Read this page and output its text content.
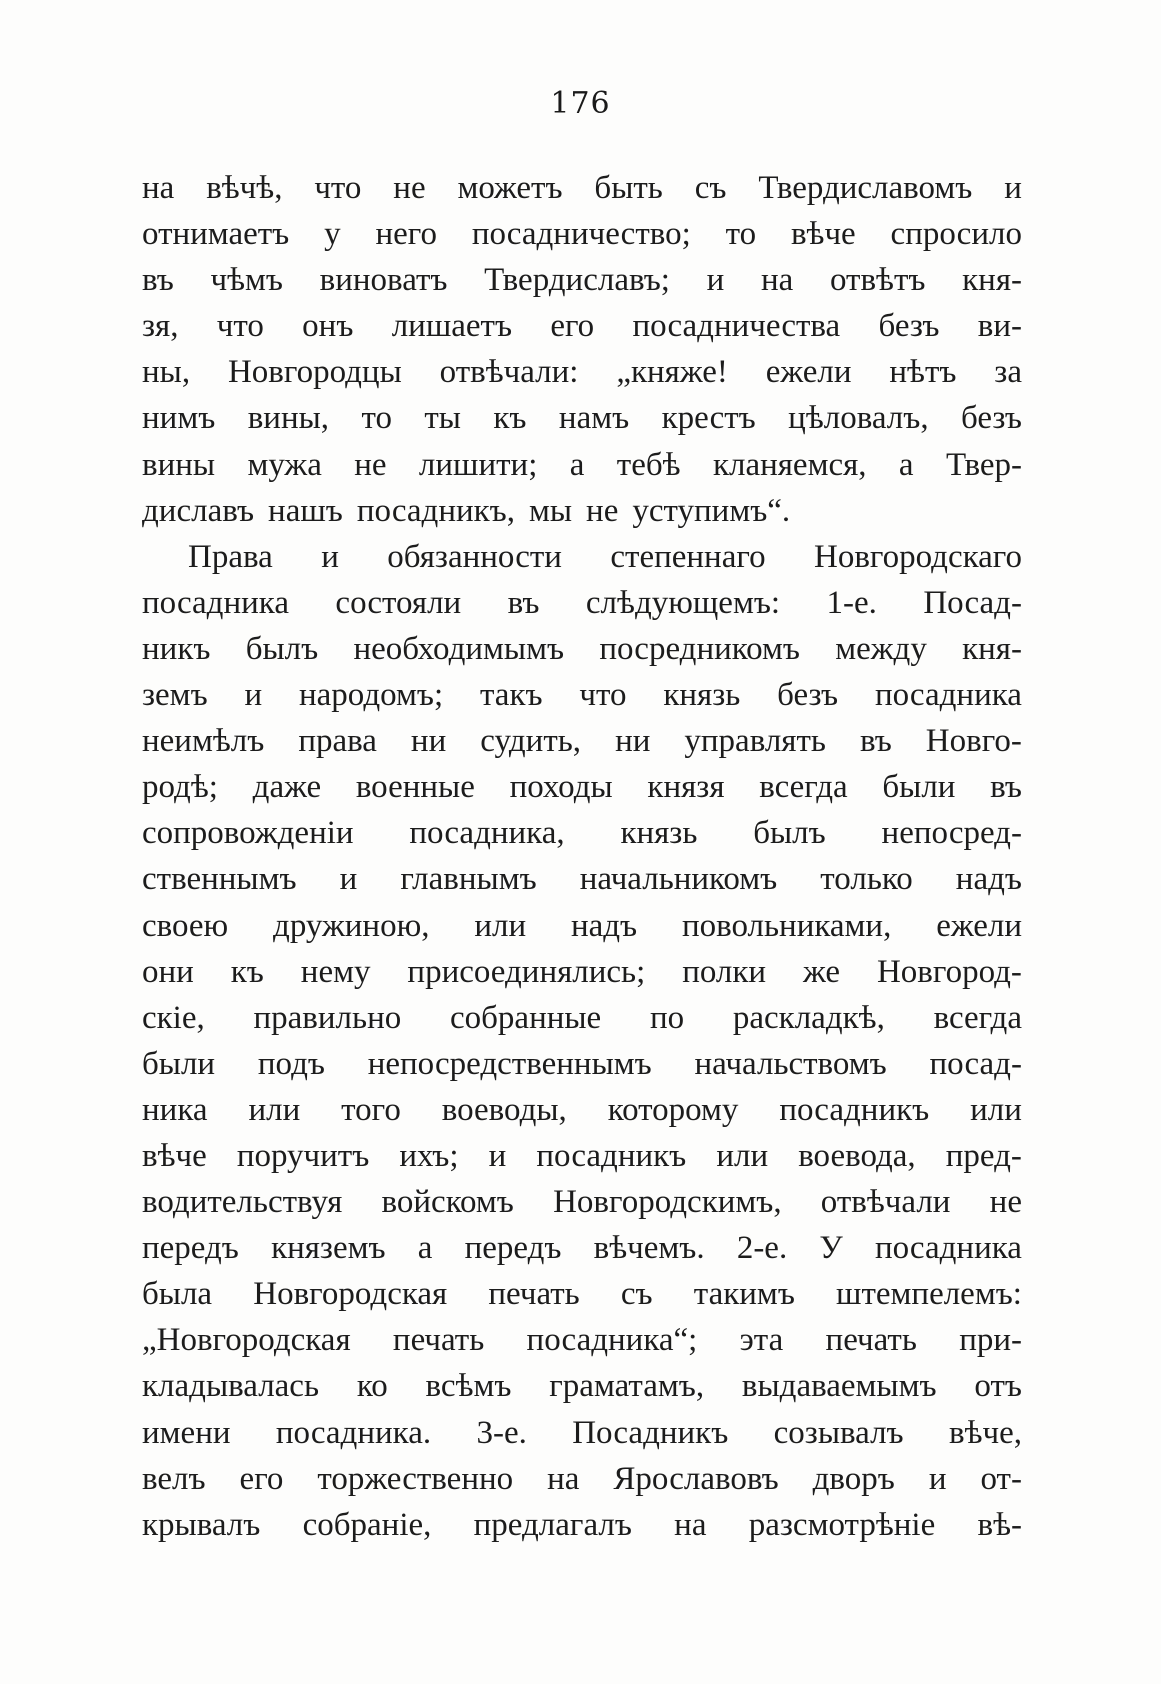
176
на вѣчѣ, что не можетъ быть съ Твердиславомъ и
отнимаетъ у него посадничество; то вѣче спросило
въ чѣмъ виноватъ Твердиславъ; и на отвѣтъ кня-
зя, что онъ лишаетъ его посадничества безъ ви-
ны, Новгородцы отвѣчали: „княже! ежели нѣтъ за
нимъ вины, то ты къ намъ крестъ цѣловалъ, безъ
вины мужа не лишити; а тебѣ кланяемся, а Твер-
диславъ нашъ посадникъ, мы не уступимъ“.
Права и обязанности степеннаго Новгородскаго
посадника состояли въ слѣдующемъ: 1-е. Посад-
никъ былъ необходимымъ посредникомъ между кня-
земъ и народомъ; такъ что князь безъ посадника
неимѣлъ права ни судить, ни управлять въ Новго-
родѣ; даже военные походы князя всегда были въ
сопровожденіи посадника, князь былъ непосред-
ственнымъ и главнымъ начальникомъ только надъ
своею дружиною, или надъ повольниками, ежели
они къ нему присоединялись; полки же Новгород-
скіе, правильно собранные по раскладкѣ, всегда
были подъ непосредственнымъ начальствомъ посад-
ника или того воеводы, которому посадникъ или
вѣче поручитъ ихъ; и посадникъ или воевода, пред-
водительствуя войскомъ Новгородскимъ, отвѣчали не
передъ княземъ а передъ вѣчемъ. 2-е. У посадника
была Новгородская печать съ такимъ штемпелемъ:
„Новгородская печать посадника“; эта печать при-
кладывалась ко всѣмъ граматамъ, выдаваемымъ отъ
имени посадника. 3-е. Посадникъ созывалъ вѣче,
велъ его торжественно на Ярославовъ дворъ и от-
крывалъ собраніе, предлагалъ на разсмотрѣніе вѣ-
